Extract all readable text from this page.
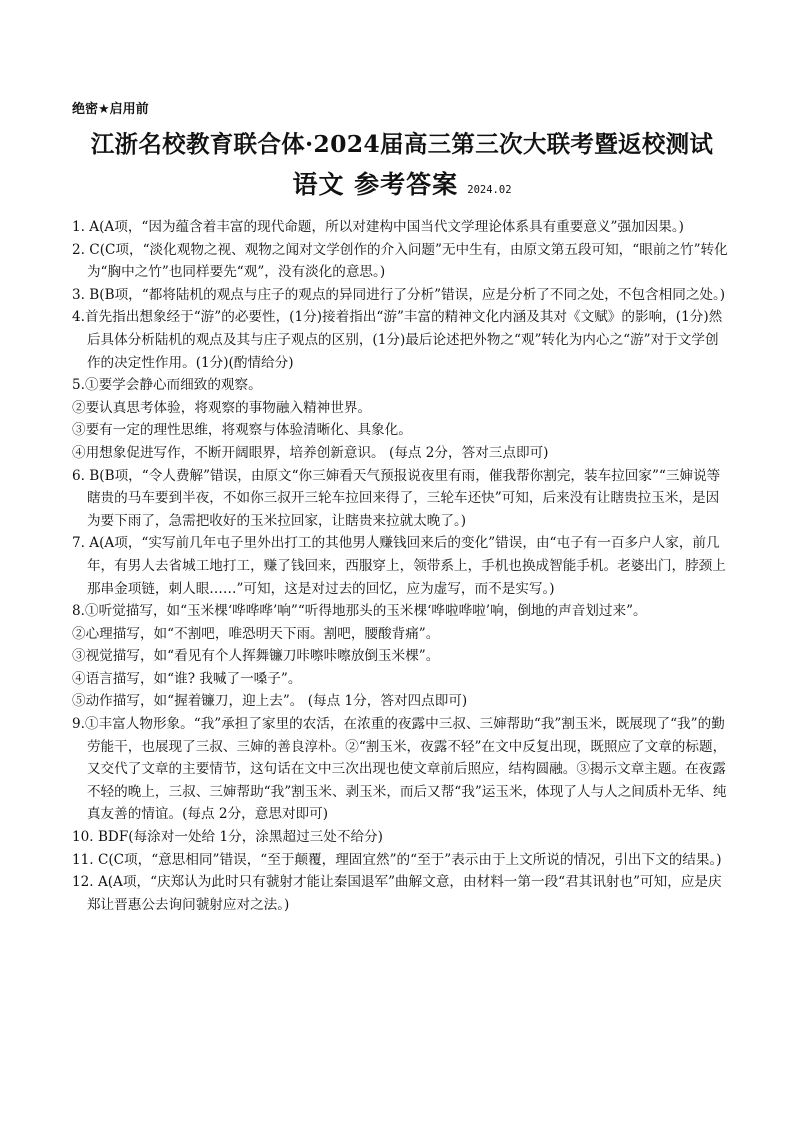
绝密★启用前
江浙名校教育联合体·2024届高三第三次大联考暨返校测试
语文 参考答案 2024.02

1. A(A项，“因为蕴含着丰富的现代命题，所以对建构中国当代文学理论体系具有重要意义”强加因果。)

2. C(C项，“淡化观物之视、观物之闻对文学创作的介入问题”无中生有，由原文第五段可知，“眼前之竹”转化为“胸中之竹”也同样要先“观”，没有淡化的意思。)

3. B(B项，“都将陆机的观点与庄子的观点的异同进行了分析”错误，应是分析了不同之处，不包含相同之处。)

4.首先指出想象经于“游”的必要性，(1分)接着指出“游”丰富的精神文化内涵及其对《文赋》的影响，(1分)然后具体分析陆机的观点及其与庄子观点的区别，(1分)最后论述把外物之“观”转化为内心之“游”对于文学创作的决定性作用。(1分)(酌情给分)

5.①要学会静心而细致的观察。

②要认真思考体验，将观察的事物融入精神世界。

③要有一定的理性思维，将观察与体验清晰化、具象化。

④用想象促进写作，不断开阔眼界，培养创新意识。 (每点 2分，答对三点即可)

6. B(B项，“令人费解”错误，由原文“你三婶看天气预报说夜里有雨，催我帮你割完，装车拉回家”“三婶说等瞎贵的马车要到半夜，不如你三叔开三轮车拉回来得了，三轮车还快”可知，后来没有让瞎贵拉玉米，是因为要下雨了，急需把收好的玉米拉回家，让瞎贵来拉就太晚了。)

7. A(A项，“实写前几年屯子里外出打工的其他男人赚钱回来后的变化”错误，由“屯子有一百多户人家，前几年，有男人去省城工地打工，赚了钱回来，西服穿上，领带系上，手机也换成智能手机。老婆出门，脖颈上那串金项链，刺人眼……”可知，这是对过去的回忆，应为虚写，而不是实写。)

8.①听觉描写，如“玉米棵‘哗哗哗’响”“听得地那头的玉米棵‘哗啦哗啦’响，倒地的声音划过来”。

②心理描写，如“不割吧，唯恐明天下雨。割吧，腰酸背痛”。

③视觉描写，如“看见有个人挥舞镰刀咔嚓咔嚓放倒玉米棵”。

④语言描写，如“谁? 我喊了一嗓子”。

⑤动作描写，如“握着镰刀，迎上去”。 (每点 1分，答对四点即可)

9.①丰富人物形象。“我”承担了家里的农活，在浓重的夜露中三叔、三婶帮助“我”割玉米，既展现了“我”的勤劳能干，也展现了三叔、三婶的善良淳朴。②“割玉米，夜露不轻”在文中反复出现，既照应了文章的标题，又交代了文章的主要情节，这句话在文中三次出现也使文章前后照应，结构圆融。③揭示文章主题。在夜露不轻的晚上，三叔、三婶帮助“我”割玉米、剥玉米，而后又帮“我”运玉米，体现了人与人之间质朴无华、纯真友善的情谊。(每点 2分，意思对即可)

10. BDF(每涂对一处给 1分，涂黑超过三处不给分)

11. C(C项，“意思相同”错误，“至于颠覆，理固宜然”的“至于”表示由于上文所说的情况，引出下文的结果。)

12. A(A项，“庆郑认为此时只有虢射才能让秦国退军”曲解文意，由材料一第一段“君其讯射也”可知，应是庆郑让晋惠公去询问虢射应对之法。)
